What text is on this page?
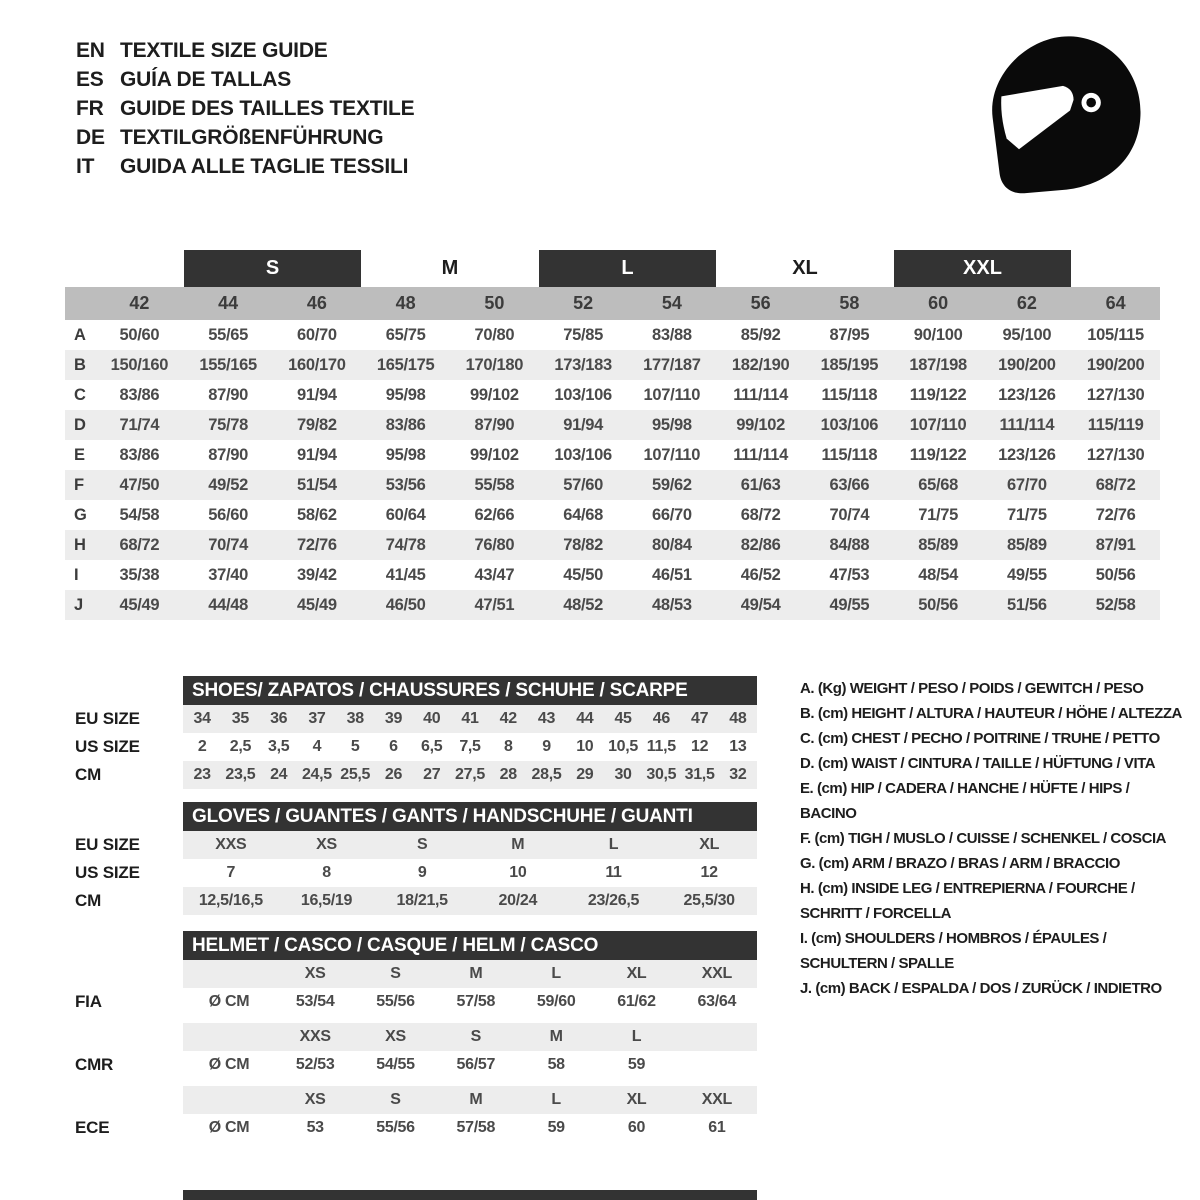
EN TEXTILE SIZE GUIDE
ES GUÍA DE TALLAS
FR GUIDE DES TAILLES TEXTILE
DE TEXTILGRÖßENFÜHRUNG
IT	GUIDA ALLE TAGLIE TESSILI
S	M	L	XL	XXL
42	44	46	48	50	52	54	56	58	60	62	64
A	50/60	55/65	60/70	65/75	70/80	75/85	83/88	85/92	87/95	90/100	95/100	105/115
B	150/160	155/165	160/170	165/175	170/180	173/183	177/187	182/190	185/195	187/198	190/200	190/200
C	83/86	87/90	91/94	95/98	99/102	103/106	107/110	111/114	115/118	119/122	123/126	127/130
D	71/74	75/78	79/82	83/86	87/90	91/94	95/98	99/102	103/106	107/110	111/114	115/119
E	83/86	87/90	91/94	95/98	99/102	103/106	107/110	111/114	115/118	119/122	123/126	127/130
F	47/50	49/52	51/54	53/56	55/58	57/60	59/62	61/63	63/66	65/68	67/70	68/72
G	54/58	56/60	58/62	60/64	62/66	64/68	66/70	68/72	70/74	71/75	71/75	72/76
H	68/72	70/74	72/76	74/78	76/80	78/82	80/84	82/86	84/88	85/89	85/89	87/91
I	35/38	37/40	39/42	41/45	43/47	45/50	46/51	46/52	47/53	48/54	49/55	50/56
J	45/49	44/48	45/49	46/50	47/51	48/52	48/53	49/54	49/55	50/56	51/56	52/58
EU SIZE
US SIZE
CM
SHOES/ ZAPATOS / CHAUSSURES / SCHUHE / SCARPE
34	35	36	37	38	39	40	41	42	43	44	45	46	47	48
2	2,5	3,5	4	5	6	6,5	7,5	8	9	10 10,5 11,5 12	13
23 23,5 24 24,5 25,5 26	27 27,5 28 28,5 29	30 30,5 31,5 32
EU SIZE
US SIZE
CM
GLOVES / GUANTES / GANTS / HANDSCHUHE / GUANTI
XXS	XS	S	M	L	XL
7	8	9	10	11	12
12,5/16,5	16,5/19	18/21,5	20/24	23/26,5	25,5/30
FIA
CMR
ECE
HELMET / CASCO / CASQUE / HELM / CASCO
XS	S	M	L	XL	XXL
Ø CM	53/54	55/56	57/58	59/60	61/62	63/64
XXS	XS	S	M	L
Ø CM	52/53	54/55	56/57	58	59
XS	S	M	L	XL	XXL
Ø CM	53	55/56	57/58	59	60	61
A. (Kg) WEIGHT / PESO / POIDS / GEWITCH / PESO
B. (cm) HEIGHT / ALTURA / HAUTEUR / HÖHE / ALTEZZA
C. (cm) CHEST / PECHO / POITRINE / TRUHE / PETTO
D. (cm) WAIST / CINTURA / TAILLE / HÜFTUNG / VITA
E. (cm) HIP / CADERA / HANCHE / HÜFTE / HIPS / BACINO
F. (cm) TIGH / MUSLO / CUISSE / SCHENKEL / COSCIA
G. (cm) ARM / BRAZO / BRAS / ARM / BRACCIO
H. (cm) INSIDE LEG / ENTREPIERNA / FOURCHE / SCHRITT / FORCELLA
I. (cm) SHOULDERS / HOMBROS / ÉPAULES / SCHULTERN / SPALLE
J. (cm) BACK / ESPALDA / DOS / ZURÜCK / INDIETRO
